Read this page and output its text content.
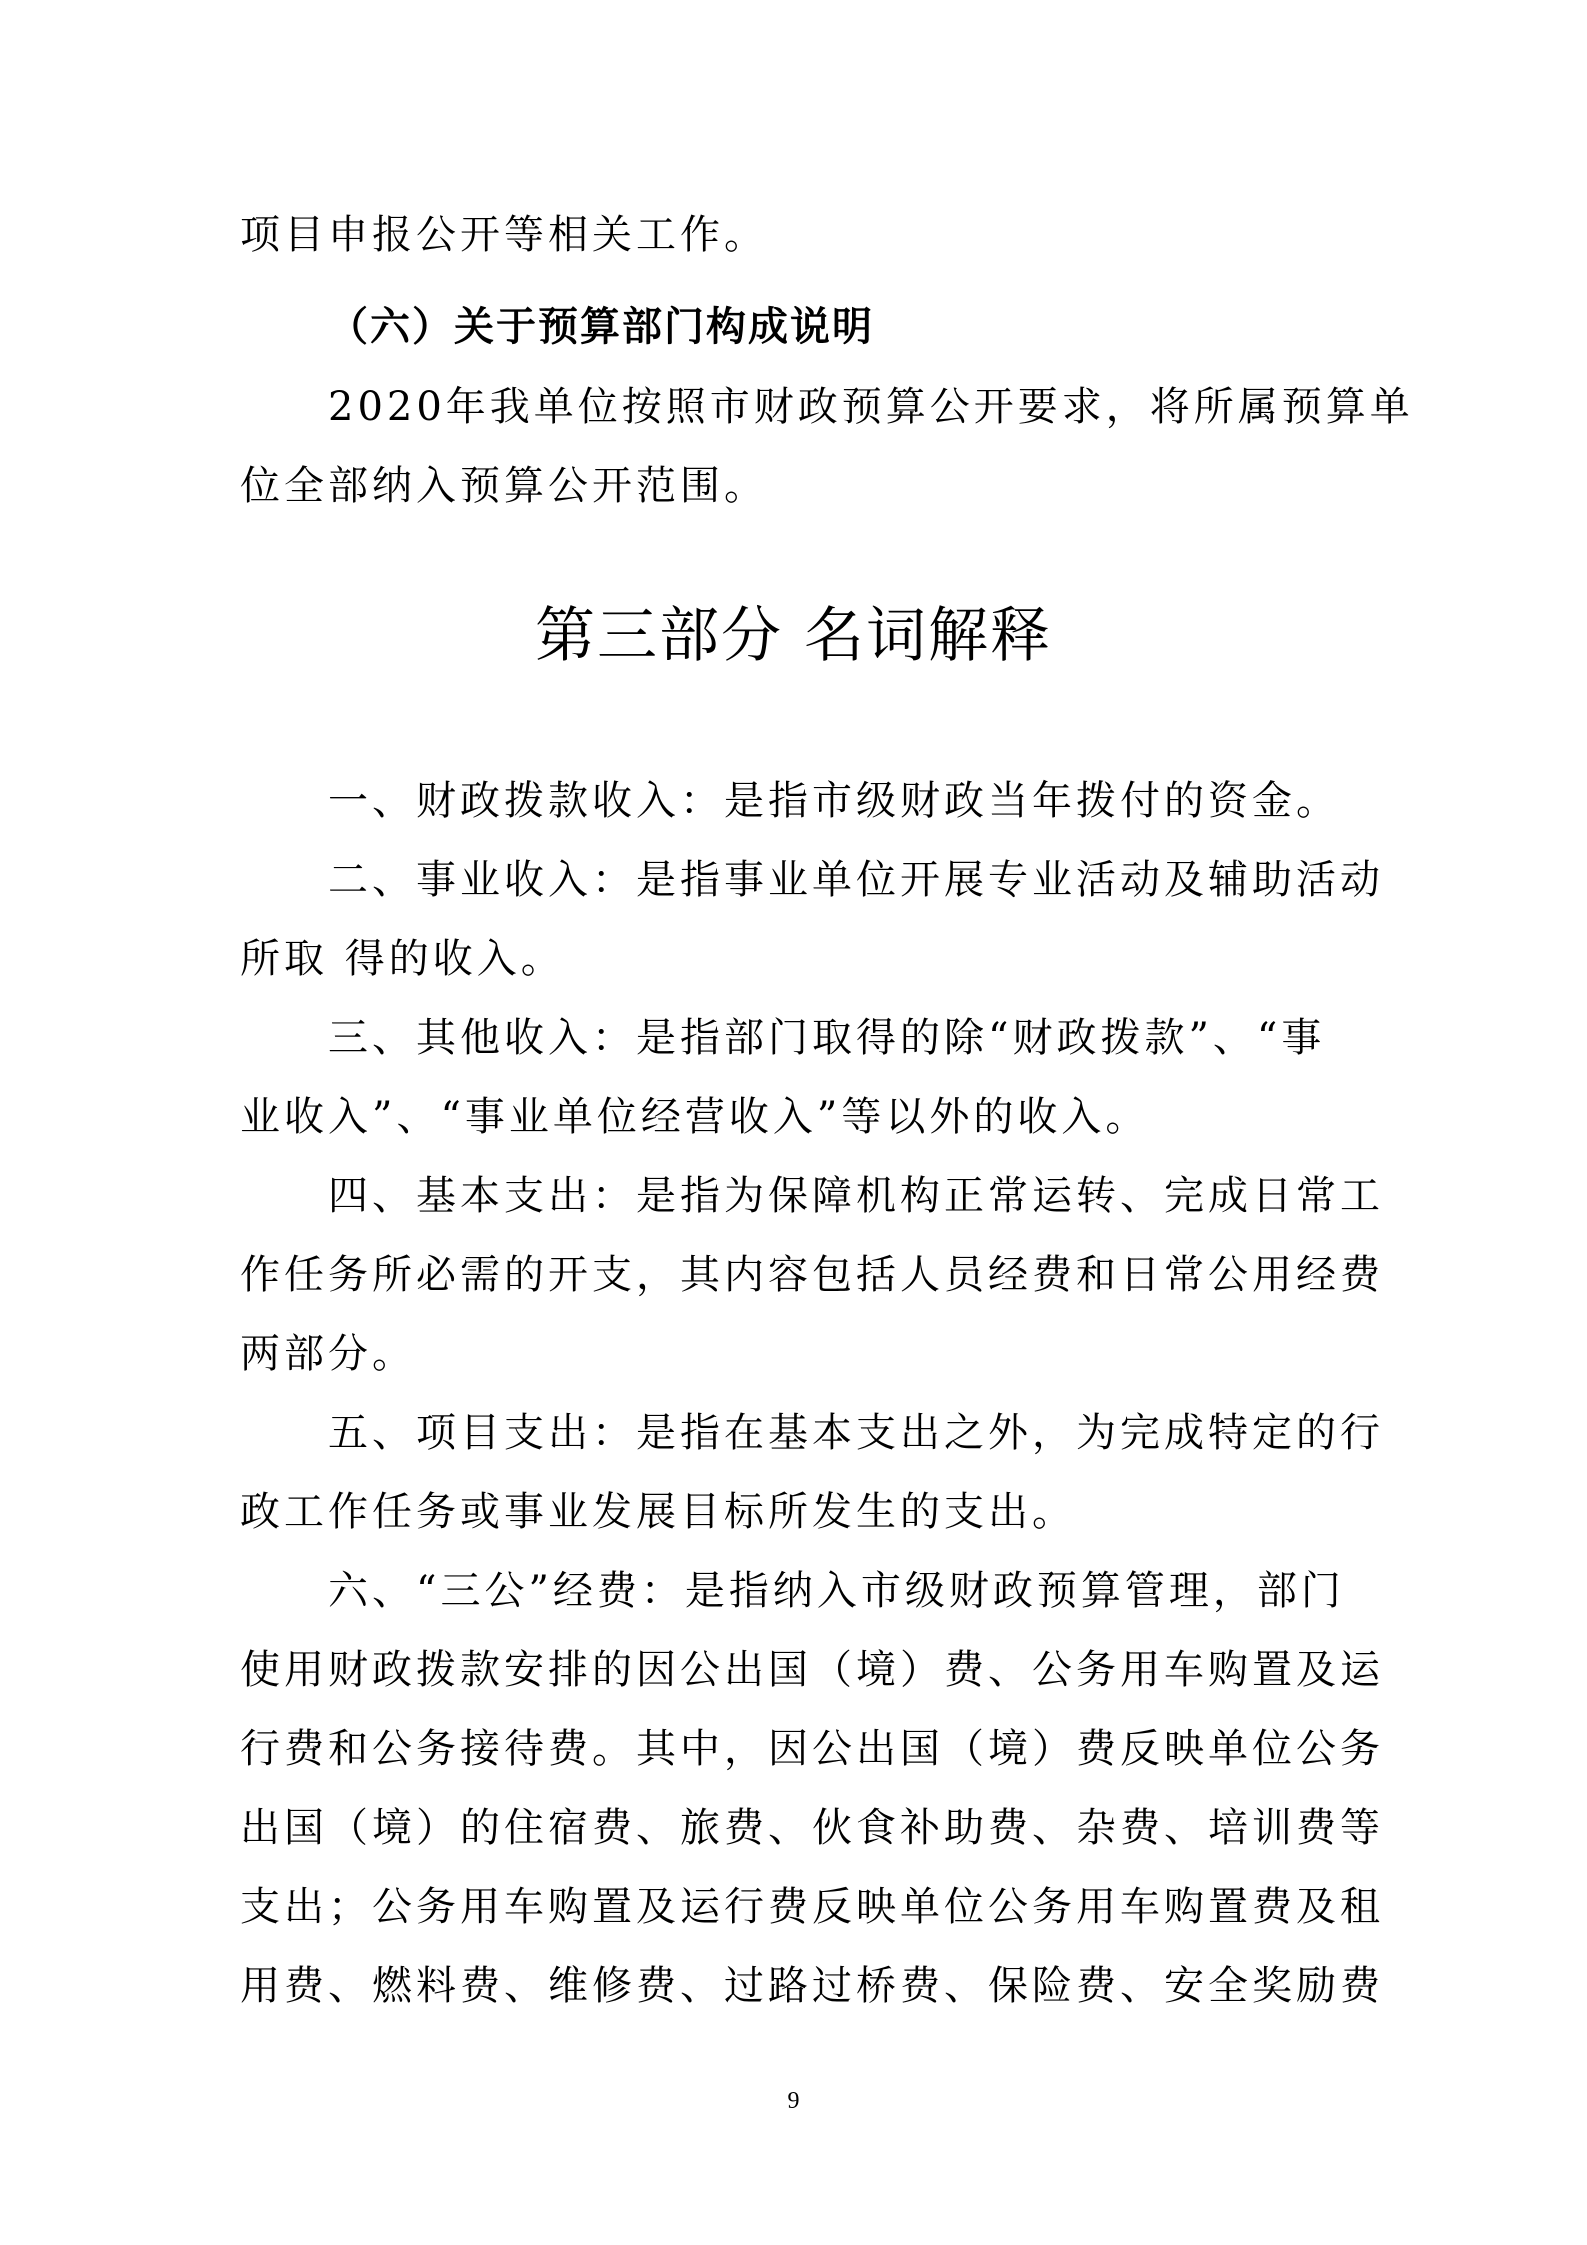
项目申报公开等相关工作。

（六）关于预算部门构成说明

2020年我单位按照市财政预算公开要求，将所属预算单
位全部纳入预算公开范围。

第三部分 名词解释
一、财政拨款收入：是指市级财政当年拨付的资金。
二、事业收入：是指事业单位开展专业活动及辅助活动
所取 得的收入。
三、其他收入：是指部门取得的除“财政拨款”、“事
业收入”、“事业单位经营收入”等以外的收入。
四、基本支出：是指为保障机构正常运转、完成日常工
作任务所必需的开支，其内容包括人员经费和日常公用经费
两部分。
五、项目支出：是指在基本支出之外，为完成特定的行
政工作任务或事业发展目标所发生的支出。
六、“三公”经费：是指纳入市级财政预算管理，部门
使用财政拨款安排的因公出国（境）费、公务用车购置及运
行费和公务接待费。其中，因公出国（境）费反映单位公务
出国（境）的住宿费、旅费、伙食补助费、杂费、培训费等
支出；公务用车购置及运行费反映单位公务用车购置费及租
用费、燃料费、维修费、过路过桥费、保险费、安全奖励费
9
